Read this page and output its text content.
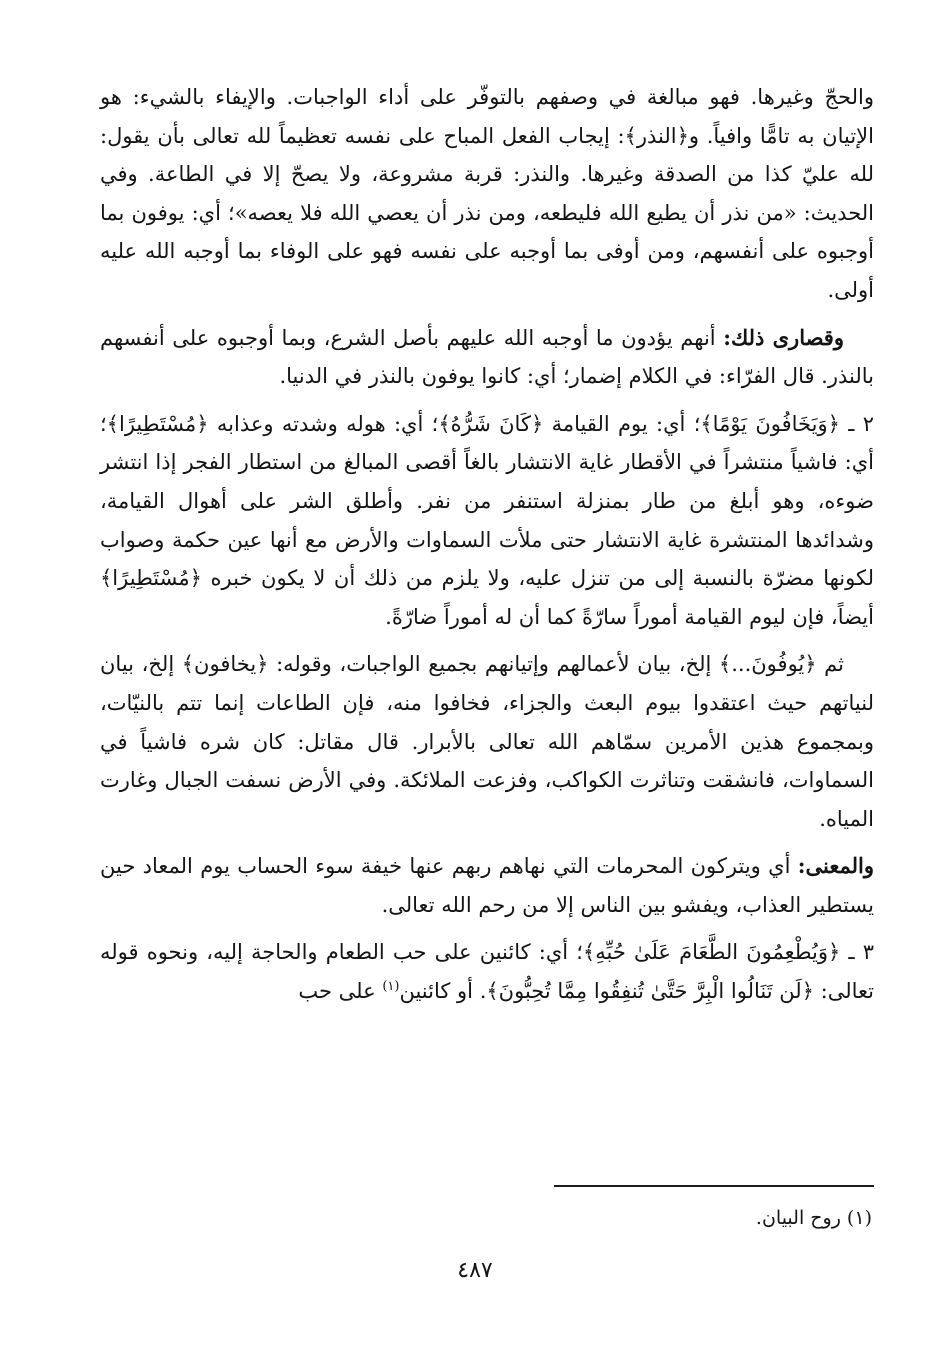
والحجّ وغيرها. فهو مبالغة في وصفهم بالتوفّر على أداء الواجبات. والإيفاء بالشيء: هو الإتيان به تامًّا وافياً. و﴿النذر﴾: إيجاب الفعل المباح على نفسه تعظيماً لله تعالى بأن يقول: لله عليّ كذا من الصدقة وغيرها. والنذر: قربة مشروعة، ولا يصحّ إلا في الطاعة. وفي الحديث: «من نذر أن يطيع الله فليطعه، ومن نذر أن يعصي الله فلا يعصه»؛ أي: يوفون بما أوجبوه على أنفسهم، ومن أوفى بما أوجبه على نفسه فهو على الوفاء بما أوجبه الله عليه أولى.

وقصارى ذلك: أنهم يؤدون ما أوجبه الله عليهم بأصل الشرع، وبما أوجبوه على أنفسهم بالنذر. قال الفرّاء: في الكلام إضمار؛ أي: كانوا يوفون بالنذر في الدنيا.

٢ ـ ﴿وَيَخَافُونَ يَوْمًا﴾؛ أي: يوم القيامة ﴿كَانَ شَرُّهُ﴾؛ أي: هوله وشدته وعذابه ﴿مُسْتَطِيرًا﴾؛ أي: فاشياً منتشراً في الأقطار غاية الانتشار بالغاً أقصى المبالغ من استطار الفجر إذا انتشر ضوءه، وهو أبلغ من طار بمنزلة استنفر من نفر. وأطلق الشر على أهوال القيامة، وشدائدها المنتشرة غاية الانتشار حتى ملأت السماوات والأرض مع أنها عين حكمة وصواب لكونها مضرّة بالنسبة إلى من تنزل عليه، ولا يلزم من ذلك أن لا يكون خبره ﴿مُسْتَطِيرًا﴾ أيضاً، فإن ليوم القيامة أموراً سارّةً كما أن له أموراً ضارّةً.

ثم ﴿يُوفُونَ...﴾ إلخ، بيان لأعمالهم وإتيانهم بجميع الواجبات، وقوله: ﴿يخافون﴾ إلخ، بيان لنياتهم حيث اعتقدوا بيوم البعث والجزاء، فخافوا منه، فإن الطاعات إنما تتم بالنيّات، وبمجموع هذين الأمرين سمّاهم الله تعالى بالأبرار. قال مقاتل: كان شره فاشياً في السماوات، فانشقت وتناثرت الكواكب، وفزعت الملائكة. وفي الأرض نسفت الجبال وغارت المياه.

والمعنى: أي ويتركون المحرمات التي نهاهم ربهم عنها خيفة سوء الحساب يوم المعاد حين يستطير العذاب، ويفشو بين الناس إلا من رحم الله تعالى.

٣ ـ ﴿وَيُطْعِمُونَ الطَّعَامَ عَلَىٰ حُبِّهِ﴾؛ أي: كائنين على حب الطعام والحاجة إليه، ونحوه قوله تعالى: ﴿لَن تَنَالُوا الْبِرَّ حَتَّىٰ تُنفِقُوا مِمَّا تُحِبُّونَ﴾. أو كائنين$^{(١)}$ على حب

(١) روح البيان.

٤٨٧
